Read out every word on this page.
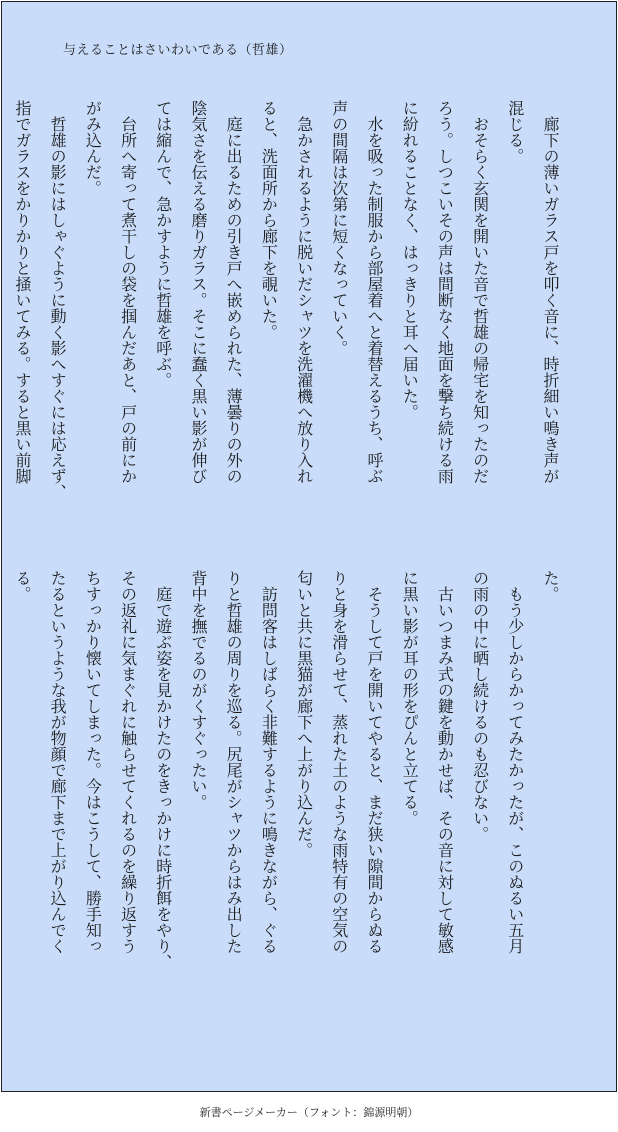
与えることはさいわいである（哲雄）
　廊下の薄いガラス戸を叩く音に、時折細い鳴き声が
混じる。
　おそらく玄関を開いた音で哲雄の帰宅を知ったのだ
ろう。しつこいその声は間断なく地面を撃ち続ける雨
に紛れることなく、はっきりと耳へ届いた。
　水を吸った制服から部屋着へと着替えるうち、呼ぶ
声の間隔は次第に短くなっていく。
　急かされるように脱いだシャツを洗濯機へ放り入れ
ると、洗面所から廊下を覗いた。
　庭に出るための引き戸へ嵌められた、薄曇りの外の
陰気さを伝える磨りガラス。そこに蠢く黒い影が伸び
ては縮んで、急かすように哲雄を呼ぶ。
　台所へ寄って煮干しの袋を掴んだあと、戸の前にか
がみ込んだ。
　哲雄の影にはしゃぐように動く影へすぐには応えず、
指でガラスをかりかりと掻いてみる。すると黒い前脚
た。
　もう少しからかってみたかったが、このぬるい五月
の雨の中に晒し続けるのも忍びない。
　古いつまみ式の鍵を動かせば、その音に対して敏感
に黒い影が耳の形をぴんと立てる。
　そうして戸を開いてやると、まだ狭い隙間からぬる
りと身を滑らせて、蒸れた土のような雨特有の空気の
匂いと共に黒猫が廊下へ上がり込んだ。
　訪問客はしばらく非難するように鳴きながら、ぐる
りと哲雄の周りを巡る。尻尾がシャツからはみ出した
背中を撫でるのがくすぐったい。
　庭で遊ぶ姿を見かけたのをきっかけに時折餌をやり、
その返礼に気まぐれに触らせてくれるのを繰り返すう
ちすっかり懐いてしまった。今はこうして、勝手知っ
たるというような我が物顔で廊下まで上がり込んでく
る。
新書ページメーカー（フォント：錦源明朝）
